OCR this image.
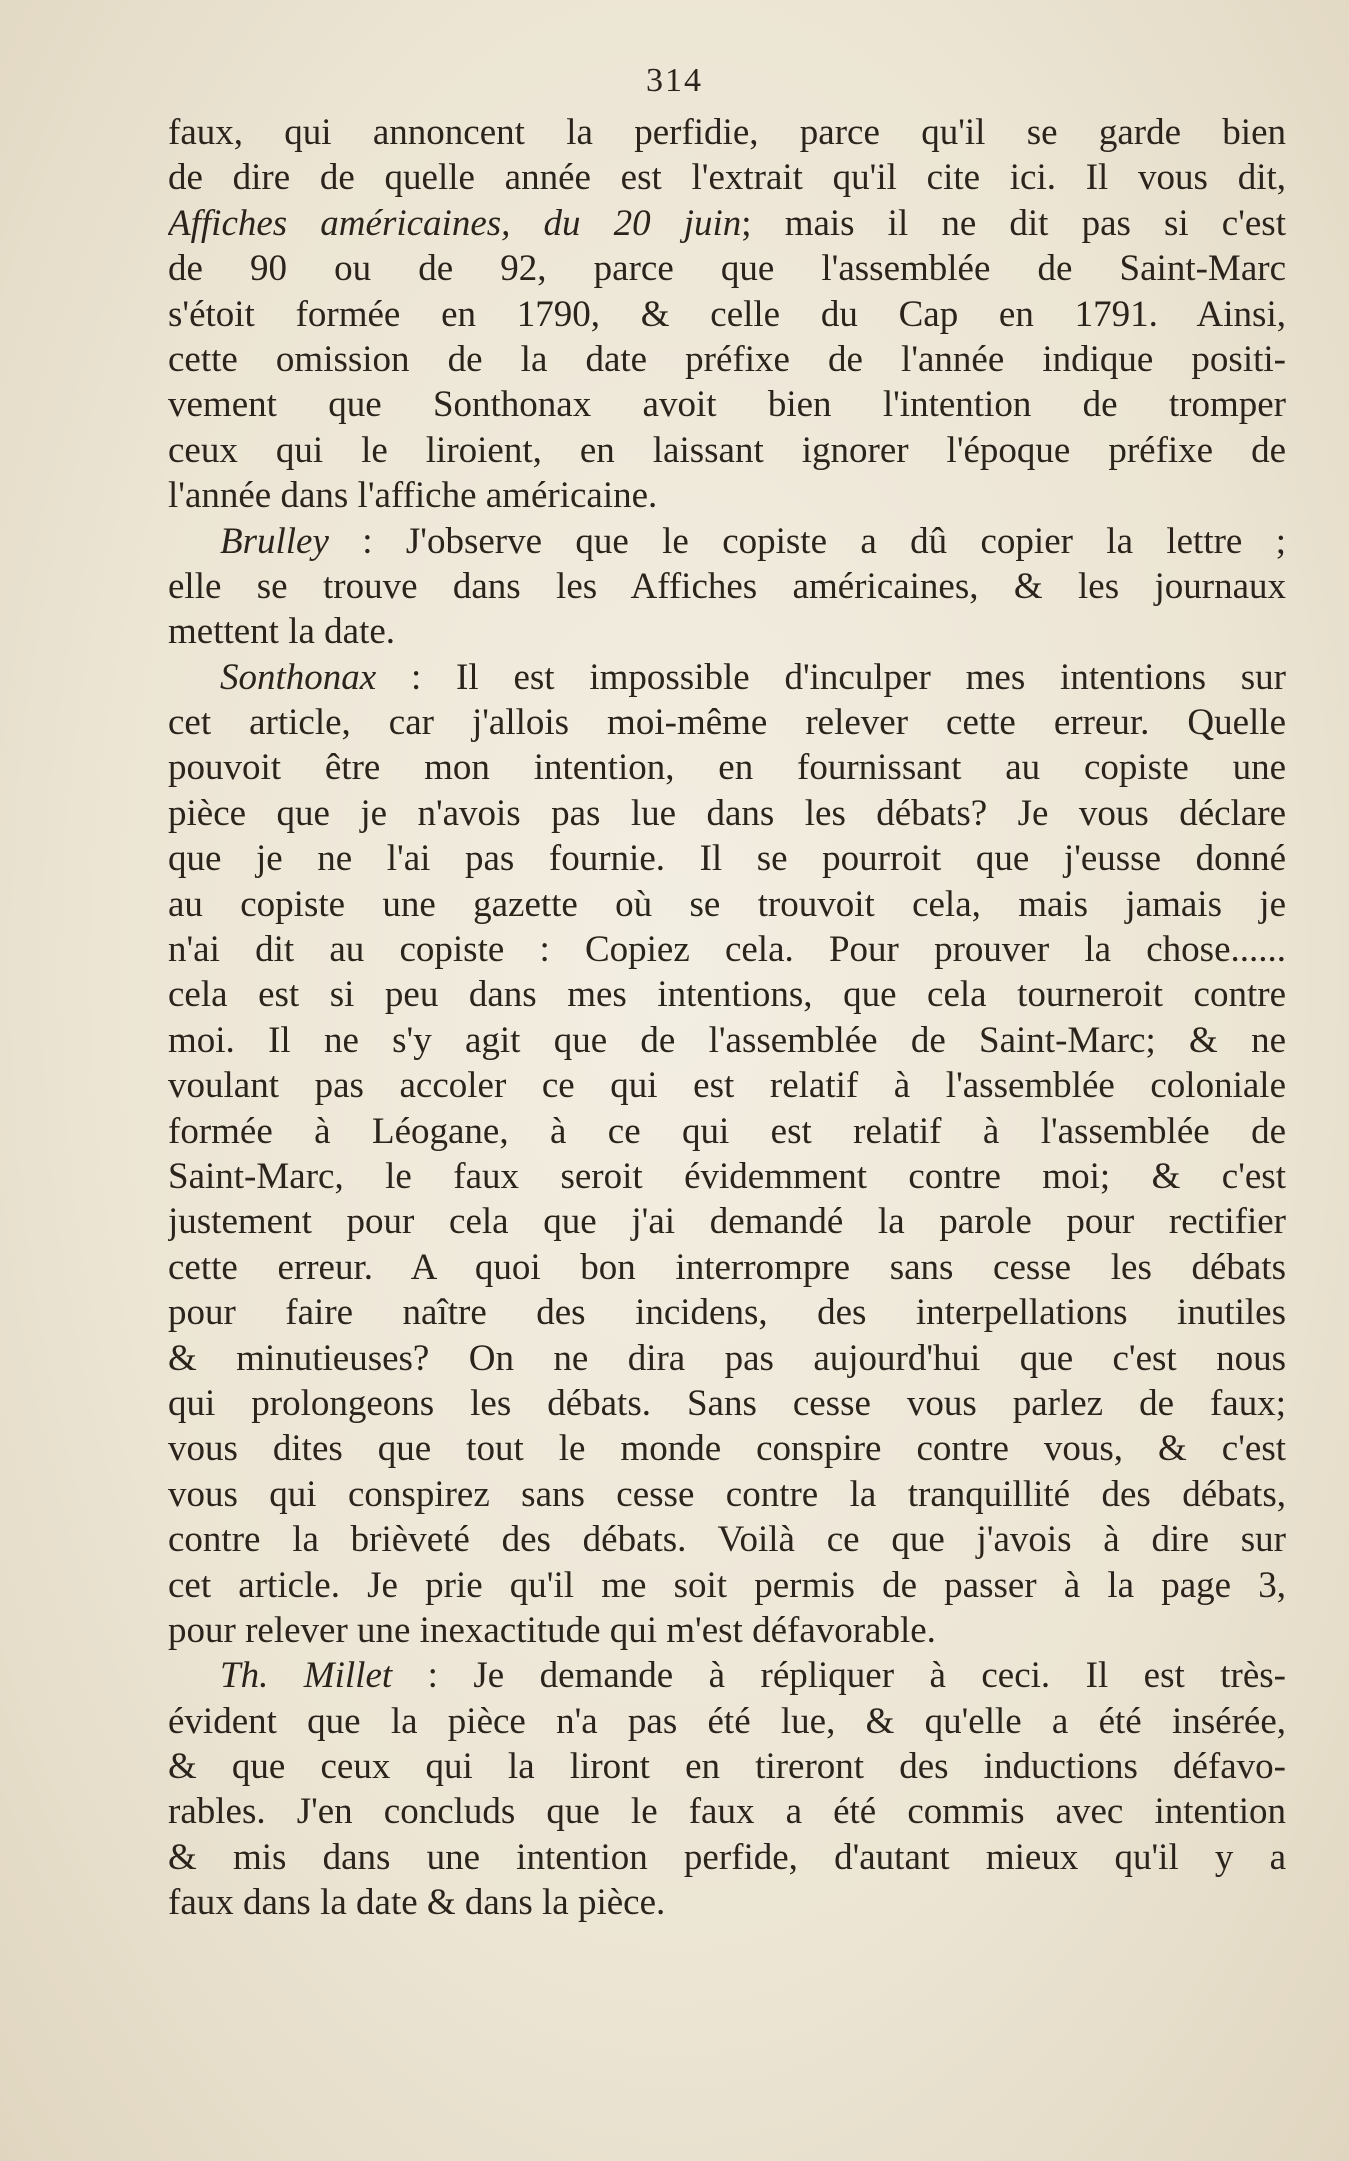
314
faux, qui annoncent la perfidie, parce qu'il se garde bien
de dire de quelle année est l'extrait qu'il cite ici. Il vous dit,
Affiches américaines, du 20 juin; mais il ne dit pas si c'est
de 90 ou de 92, parce que l'assemblée de Saint-Marc
s'étoit formée en 1790, & celle du Cap en 1791. Ainsi,
cette omission de la date préfixe de l'année indique positi-
vement que Sonthonax avoit bien l'intention de tromper
ceux qui le liroient, en laissant ignorer l'époque préfixe de
l'année dans l'affiche américaine.
Brulley : J'observe que le copiste a dû copier la lettre ;
elle se trouve dans les Affiches américaines, & les journaux
mettent la date.
Sonthonax : Il est impossible d'inculper mes intentions sur
cet article, car j'allois moi-même relever cette erreur. Quelle
pouvoit être mon intention, en fournissant au copiste une
pièce que je n'avois pas lue dans les débats? Je vous déclare
que je ne l'ai pas fournie. Il se pourroit que j'eusse donné
au copiste une gazette où se trouvoit cela, mais jamais je
n'ai dit au copiste : Copiez cela. Pour prouver la chose......
cela est si peu dans mes intentions, que cela tourneroit contre
moi. Il ne s'y agit que de l'assemblée de Saint-Marc; & ne
voulant pas accoler ce qui est relatif à l'assemblée coloniale
formée à Léogane, à ce qui est relatif à l'assemblée de
Saint-Marc, le faux seroit évidemment contre moi; & c'est
justement pour cela que j'ai demandé la parole pour rectifier
cette erreur. A quoi bon interrompre sans cesse les débats
pour faire naître des incidens, des interpellations inutiles
& minutieuses? On ne dira pas aujourd'hui que c'est nous
qui prolongeons les débats. Sans cesse vous parlez de faux;
vous dites que tout le monde conspire contre vous, & c'est
vous qui conspirez sans cesse contre la tranquillité des débats,
contre la brièveté des débats. Voilà ce que j'avois à dire sur
cet article. Je prie qu'il me soit permis de passer à la page 3,
pour relever une inexactitude qui m'est défavorable.
Th. Millet : Je demande à répliquer à ceci. Il est très-
évident que la pièce n'a pas été lue, & qu'elle a été insérée,
& que ceux qui la liront en tireront des inductions défavo-
rables. J'en concluds que le faux a été commis avec intention
& mis dans une intention perfide, d'autant mieux qu'il y a
faux dans la date & dans la pièce.
